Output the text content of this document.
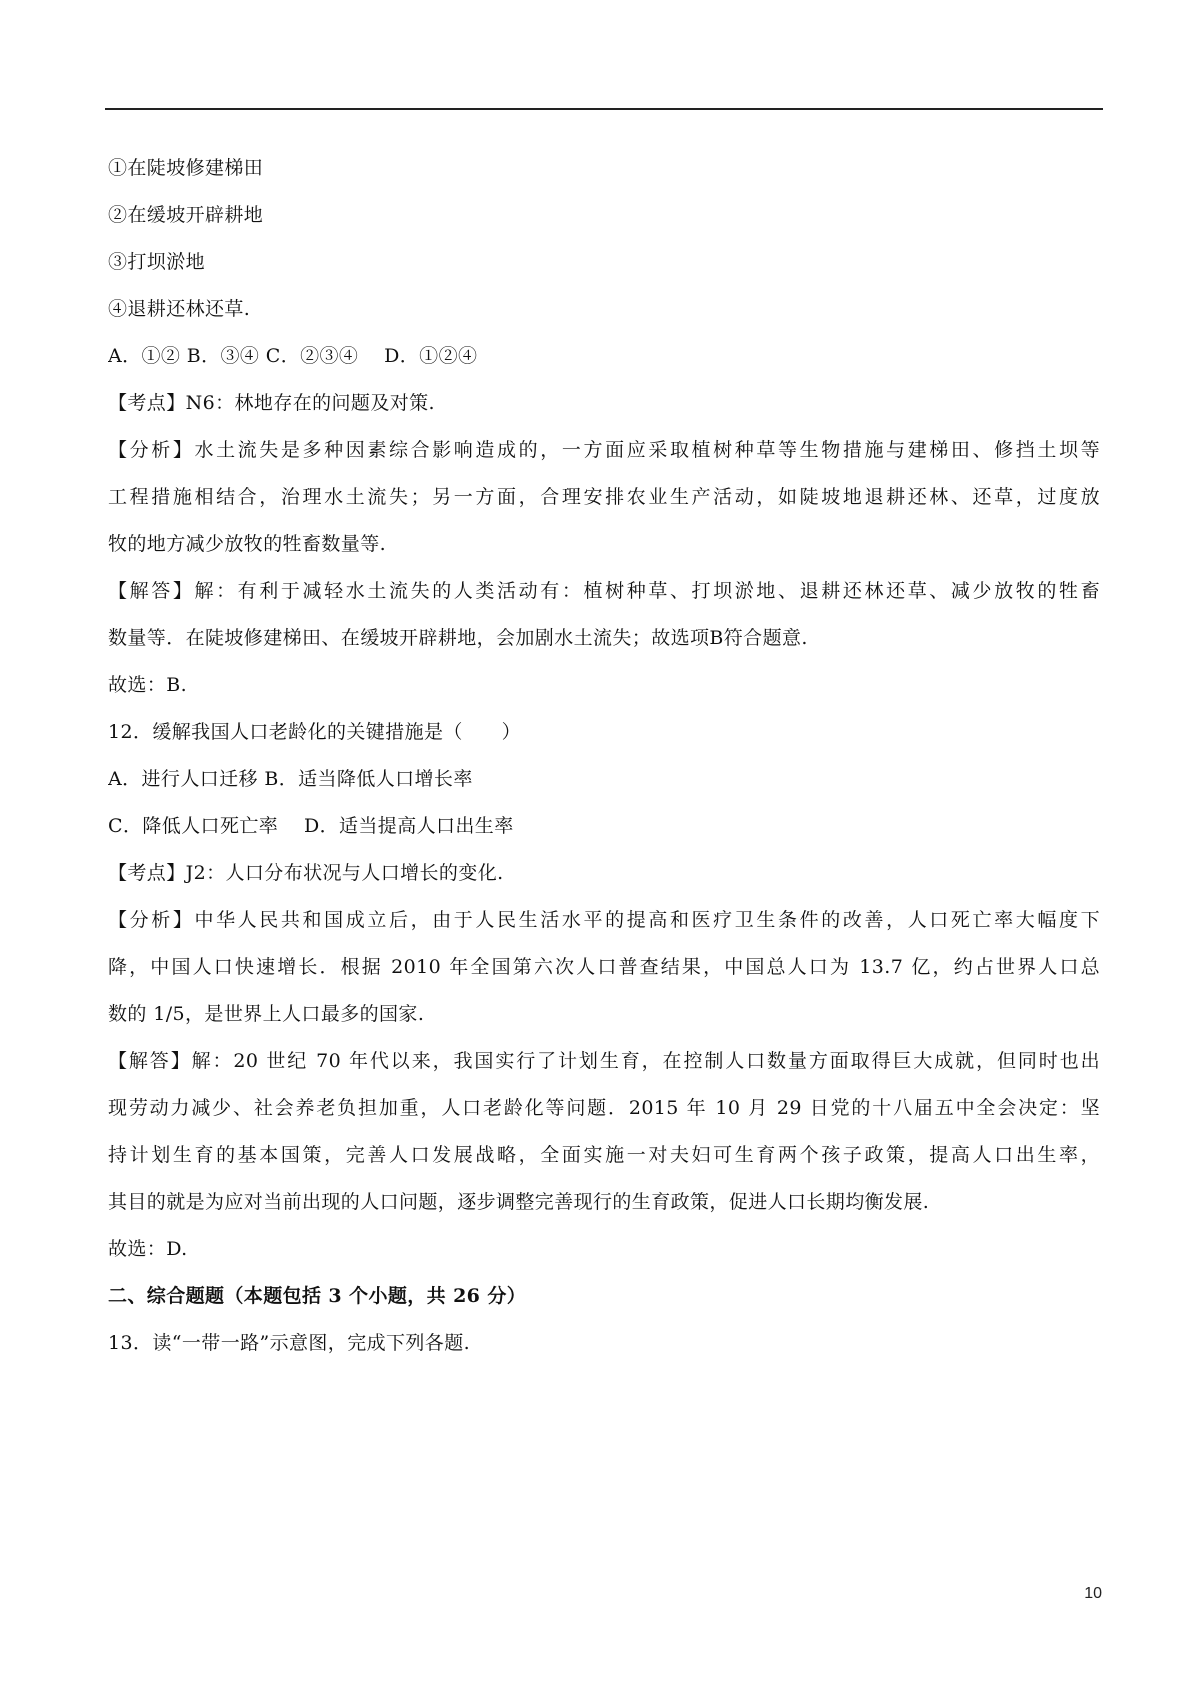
①在陡坡修建梯田
②在缓坡开辟耕地
③打坝淤地
④退耕还林还草.
A．①② B．③④ C．②③④　 D．①②④
【考点】N6：林地存在的问题及对策.
【分析】水土流失是多种因素综合影响造成的，一方面应采取植树种草等生物措施与建梯田、修挡土坝等
工程措施相结合，治理水土流失；另一方面，合理安排农业生产活动，如陡坡地退耕还林、还草，过度放
牧的地方减少放牧的牲畜数量等.
【解答】解：有利于减轻水土流失的人类活动有：植树种草、打坝淤地、退耕还林还草、减少放牧的牲畜
数量等．在陡坡修建梯田、在缓坡开辟耕地，会加剧水土流失；故选项B符合题意.
故选：B.
12．缓解我国人口老龄化的关键措施是（　　）
A．进行人口迁移 B．适当降低人口增长率
C．降低人口死亡率　 D．适当提高人口出生率
【考点】J2：人口分布状况与人口增长的变化.
【分析】中华人民共和国成立后，由于人民生活水平的提高和医疗卫生条件的改善，人口死亡率大幅度下
降，中国人口快速增长．根据 2010 年全国第六次人口普查结果，中国总人口为 13.7 亿，约占世界人口总
数的 1/5，是世界上人口最多的国家.
【解答】解：20 世纪 70 年代以来，我国实行了计划生育，在控制人口数量方面取得巨大成就，但同时也出
现劳动力减少、社会养老负担加重，人口老龄化等问题．2015 年 10 月 29 日党的十八届五中全会决定：坚
持计划生育的基本国策，完善人口发展战略，全面实施一对夫妇可生育两个孩子政策，提高人口出生率，
其目的就是为应对当前出现的人口问题，逐步调整完善现行的生育政策，促进人口长期均衡发展.
故选：D.
二、综合题题（本题包括 3 个小题，共 26 分）
13．读“一带一路”示意图，完成下列各题.
10
